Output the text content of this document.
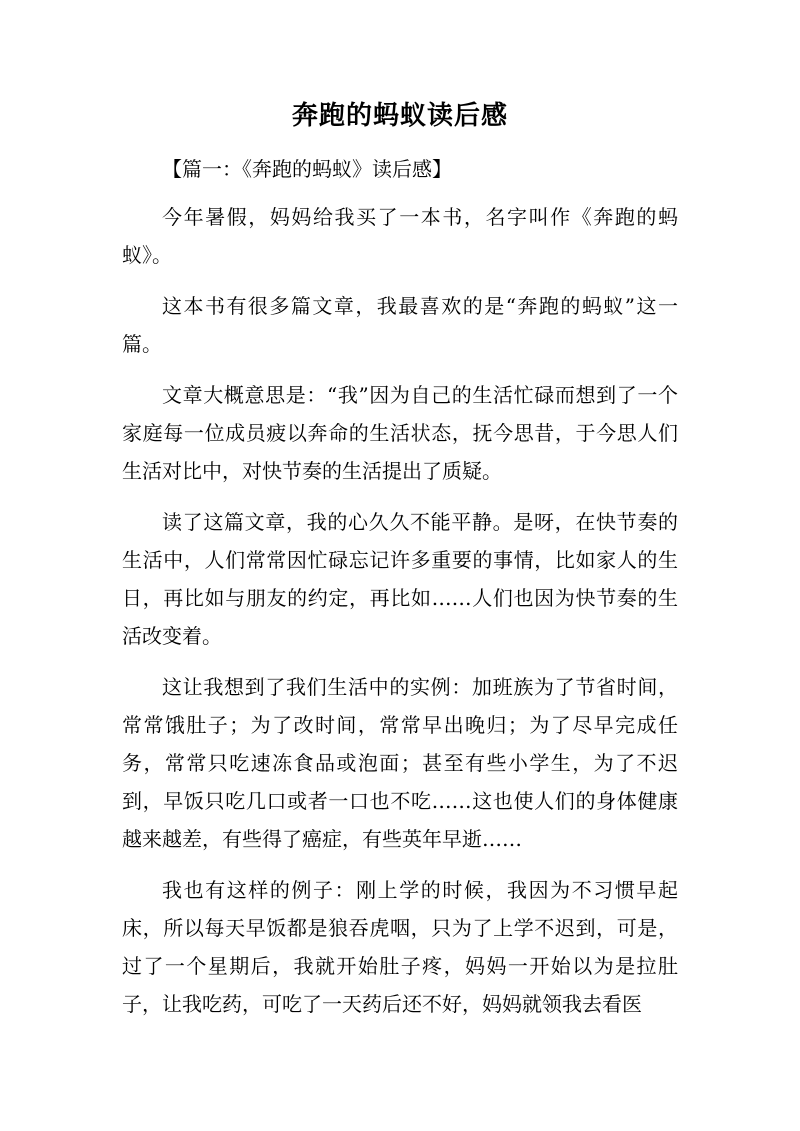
奔跑的蚂蚁读后感
【篇一：《奔跑的蚂蚁》读后感】

今年暑假，妈妈给我买了一本书，名字叫作《奔跑的蚂蚁》。

这本书有很多篇文章，我最喜欢的是“奔跑的蚂蚁”这一篇。

文章大概意思是：“我”因为自己的生活忙碌而想到了一个家庭每一位成员疲以奔命的生活状态，抚今思昔，于今思人们生活对比中，对快节奏的生活提出了质疑。

读了这篇文章，我的心久久不能平静。是呀，在快节奏的生活中，人们常常因忙碌忘记许多重要的事情，比如家人的生日，再比如与朋友的约定，再比如……人们也因为快节奏的生活改变着。

这让我想到了我们生活中的实例：加班族为了节省时间，常常饿肚子；为了改时间，常常早出晚归；为了尽早完成任务，常常只吃速冻食品或泡面；甚至有些小学生，为了不迟到，早饭只吃几口或者一口也不吃……这也使人们的身体健康越来越差，有些得了癌症，有些英年早逝……

我也有这样的例子：刚上学的时候，我因为不习惯早起床，所以每天早饭都是狼吞虎咽，只为了上学不迟到，可是，过了一个星期后，我就开始肚子疼，妈妈一开始以为是拉肚子，让我吃药，可吃了一天药后还不好，妈妈就领我去看医
